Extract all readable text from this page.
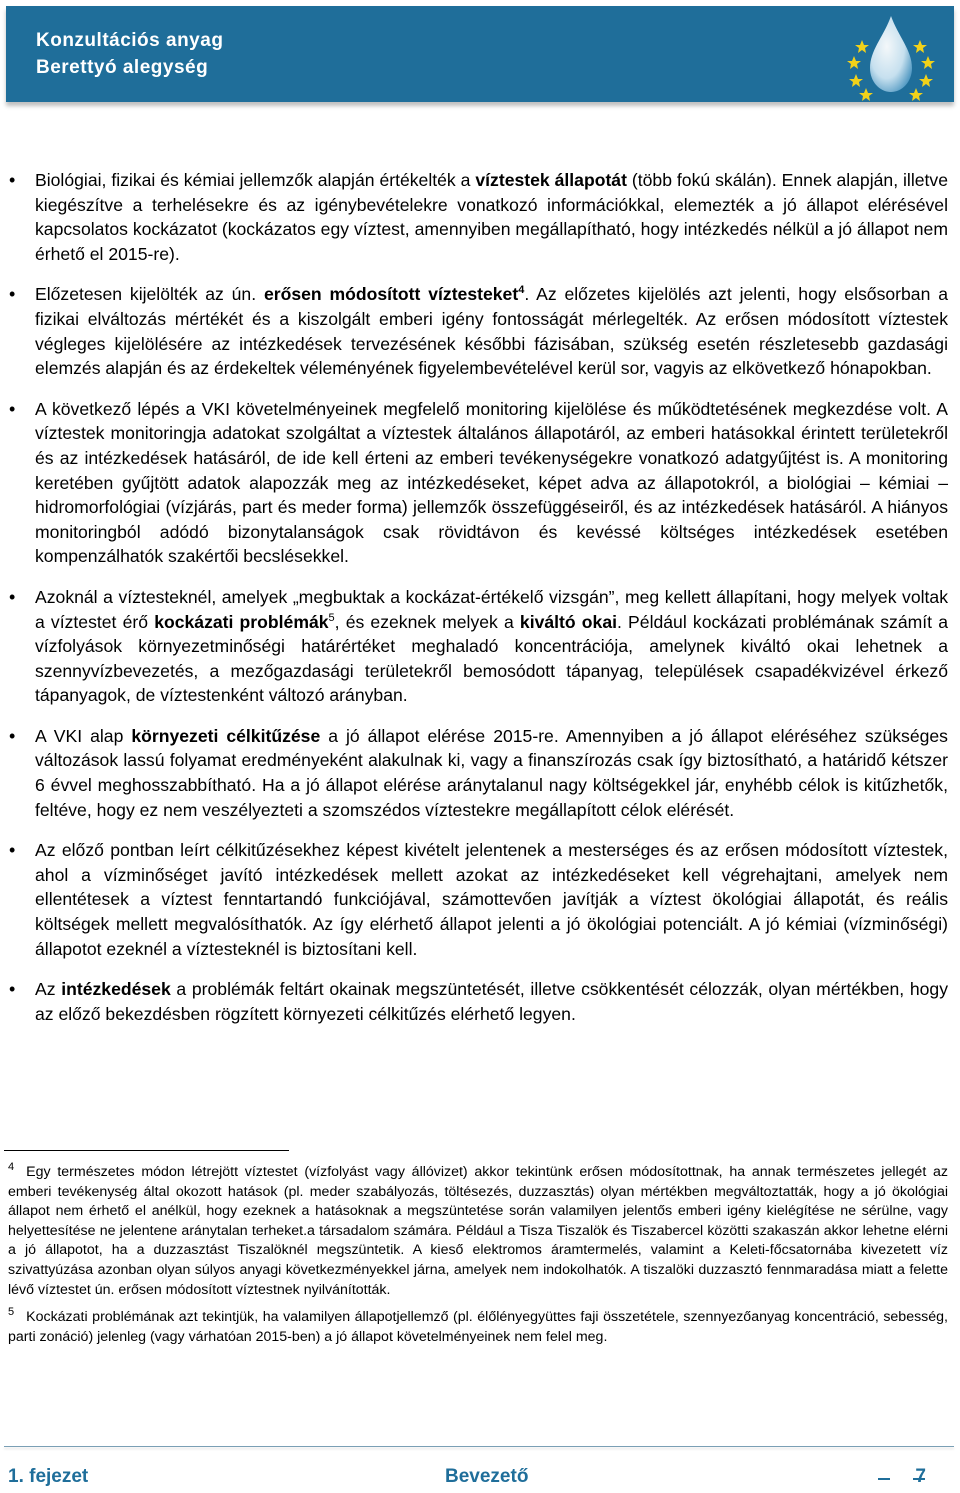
Konzultációs anyag
Berettyó alegység
• Biológiai, fizikai és kémiai jellemzők alapján értékelték a víztestek állapotát (több fokú skálán). Ennek alapján, illetve kiegészítve a terhelésekre és az igénybevételekre vonatkozó információkkal, elemezték a jó állapot elérésével kapcsolatos kockázatot (kockázatos egy víztest, amennyiben megállapítható, hogy intézkedés nélkül a jó állapot nem érhető el 2015-re).
• Előzetesen kijelölték az ún. erősen módosított víztesteket$^4$. Az előzetes kijelölés azt jelenti, hogy elsősorban a fizikai elváltozás mértékét és a kiszolgált emberi igény fontosságát mérlegelték. Az erősen módosított víztestek végleges kijelölésére az intézkedések tervezésének későbbi fázisában, szükség esetén részletesebb gazdasági elemzés alapján és az érdekeltek véleményének figyelembevételével kerül sor, vagyis az elkövetkező hónapokban.
• A következő lépés a VKI követelményeinek megfelelő monitoring kijelölése és működtetésének megkezdése volt. A víztestek monitoringja adatokat szolgáltat a víztestek általános állapotáról, az emberi hatásokkal érintett területekről és az intézkedések hatásáról, de ide kell érteni az emberi tevékenységekre vonatkozó adatgyűjtést is. A monitoring keretében gyűjtött adatok alapozzák meg az intézkedéseket, képet adva az állapotokról, a biológiai – kémiai – hidromorfológiai (vízjárás, part és meder forma) jellemzők összefüggéseiről, és az intézkedések hatásáról. A hiányos monitoringból adódó bizonytalanságok csak rövidtávon és kevéssé költséges intézkedések esetében kompenzálhatók szakértői becslésekkel.
• Azoknál a víztesteknél, amelyek „megbuktak a kockázat-értékelő vizsgán”, meg kellett állapítani, hogy melyek voltak a víztestet érő kockázati problémák$^5$, és ezeknek melyek a kiváltó okai. Például kockázati problémának számít a vízfolyások környezetminőségi határértéket meghaladó koncentrációja, amelynek kiváltó okai lehetnek a szennyvízbevezetés, a mezőgazdasági területekről bemosódott tápanyag, települések csapadékvizével érkező tápanyagok, de víztestenként változó arányban.
• A VKI alap környezeti célkitűzése a jó állapot elérése 2015-re. Amennyiben a jó állapot eléréséhez szükséges változások lassú folyamat eredményeként alakulnak ki, vagy a finanszírozás csak így biztosítható, a határidő kétszer 6 évvel meghosszabbítható. Ha a jó állapot elérése aránytalanul nagy költségekkel jár, enyhébb célok is kitűzhetők, feltéve, hogy ez nem veszélyezteti a szomszédos víztestekre megállapított célok elérését.
• Az előző pontban leírt célkitűzésekhez képest kivételt jelentenek a mesterséges és az erősen módosított víztestek, ahol a vízminőséget javító intézkedések mellett azokat az intézkedéseket kell végrehajtani, amelyek nem ellentétesek a víztest fenntartandó funkciójával, számottevően javítják a víztest ökológiai állapotát, és reális költségek mellett megvalósíthatók. Az így elérhető állapot jelenti a jó ökológiai potenciált. A jó kémiai (vízminőségi) állapotot ezeknél a víztesteknél is biztosítani kell.
• Az intézkedések a problémák feltárt okainak megszüntetését, illetve csökkentését célozzák, olyan mértékben, hogy az előző bekezdésben rögzített környezeti célkitűzés elérhető legyen.

$^4$ Egy természetes módon létrejött víztestet (vízfolyást vagy állóvizet) akkor tekintünk erősen módosítottnak, ha annak természetes jellegét az emberi tevékenység által okozott hatások (pl. meder szabályozás, töltésezés, duzzasztás) olyan mértékben megváltoztatták, hogy a jó ökológiai állapot nem érhető el anélkül, hogy ezeknek a hatásoknak a megszüntetése során valamilyen jelentős emberi igény kielégítése ne sérülne, vagy helyettesítése ne jelentene aránytalan terheket.a társadalom számára. Például a Tisza Tiszalök és Tiszabercel közötti szakaszán akkor lehetne elérni a jó állapotot, ha a duzzasztást Tiszalöknél megszüntetik. A kieső elektromos áramtermelés, valamint a Keleti-főcsatornába kivezetett víz szivattyúzása azonban olyan súlyos anyagi következményekkel járna, amelyek nem indokolhatók. A tiszalöki duzzasztó fennmaradása miatt a felette lévő víztestet ún. erősen módosított víztestnek nyilvánították.

$^5$ Kockázati problémának azt tekintjük, ha valamilyen állapotjellemző (pl. élőlényegyüttes faji összetétele, szennyezőanyag koncentráció, sebesség, parti zonáció) jelenleg (vagy várhatóan 2015-ben) a jó állapot követelményeinek nem felel meg.

1. fejezet	Bevezető	7
